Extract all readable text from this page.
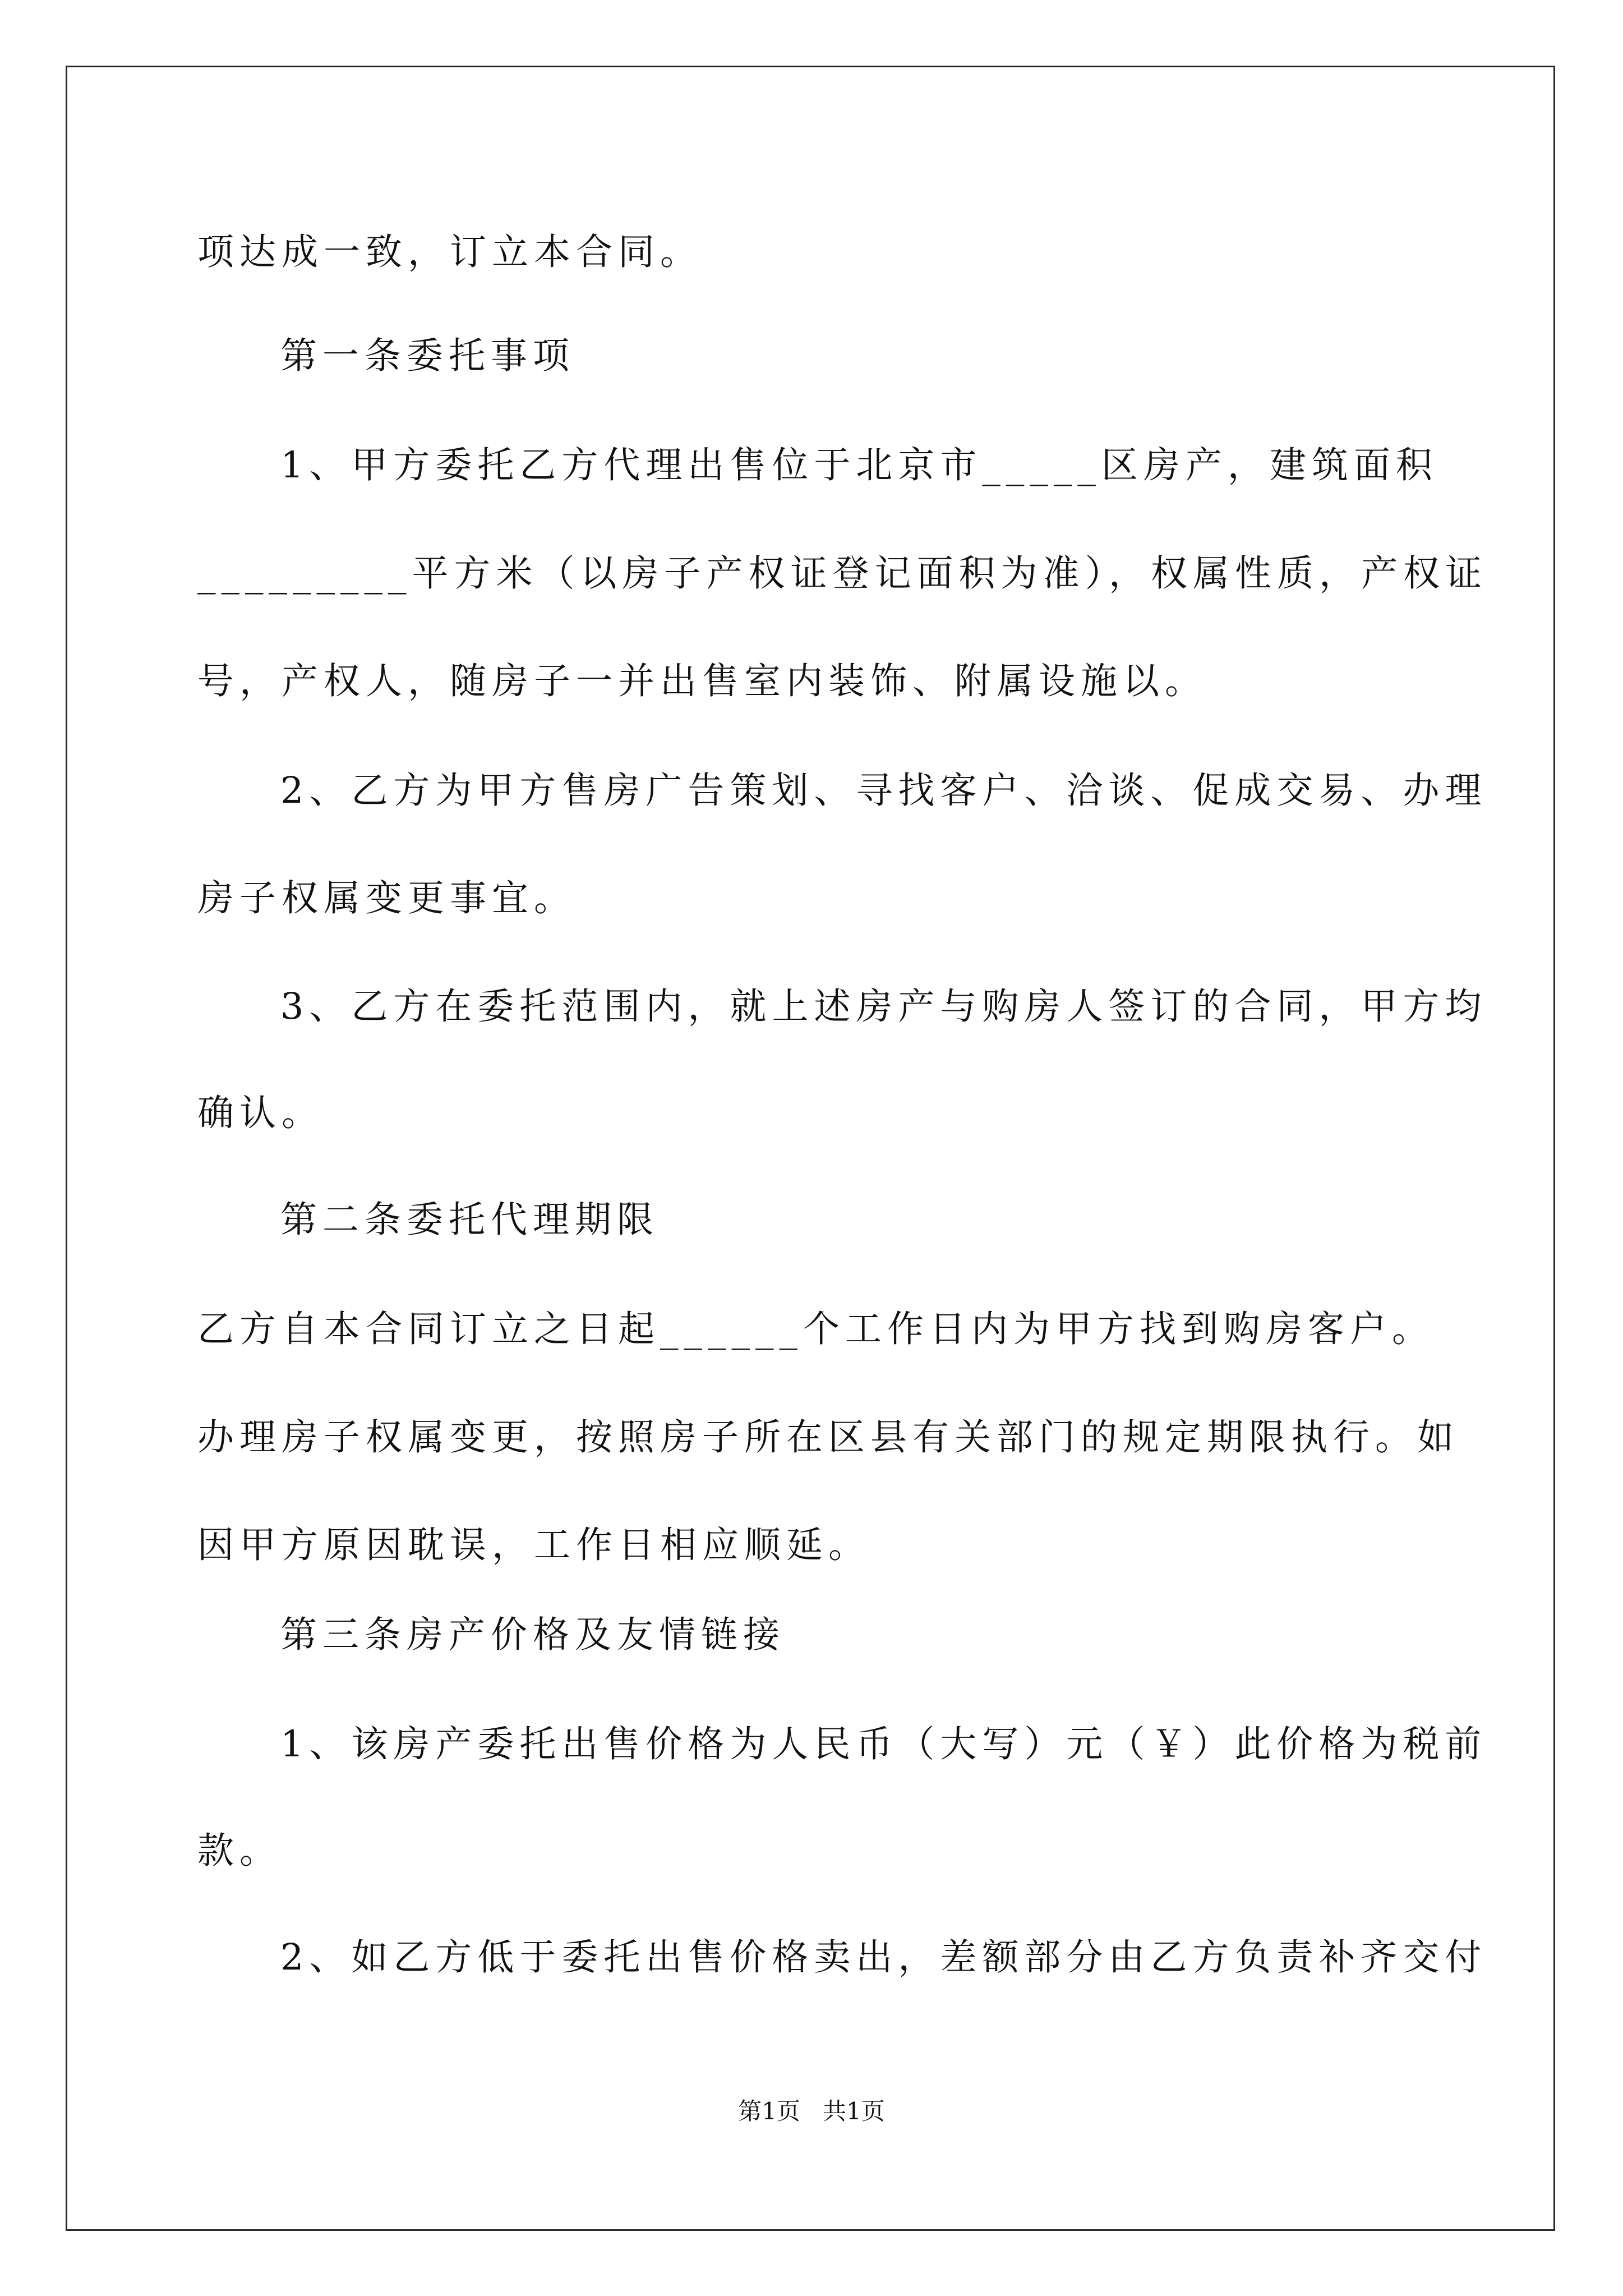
项达成一致，订立本合同。
第一条委托事项
1、甲方委托乙方代理出售位于北京市_____区房产，建筑面积
_________平方米（以房子产权证登记面积为准），权属性质，产权证
号，产权人，随房子一并出售室内装饰、附属设施以。
2、乙方为甲方售房广告策划、寻找客户、洽谈、促成交易、办理
房子权属变更事宜。
3、乙方在委托范围内，就上述房产与购房人签订的合同，甲方均
确认。
第二条委托代理期限
乙方自本合同订立之日起______个工作日内为甲方找到购房客户。
办理房子权属变更，按照房子所在区县有关部门的规定期限执行。如
因甲方原因耽误，工作日相应顺延。
第三条房产价格及友情链接
1、该房产委托出售价格为人民币（大写）元（￥）此价格为税前
款。
2、如乙方低于委托出售价格卖出，差额部分由乙方负责补齐交付
第1页   共1页
